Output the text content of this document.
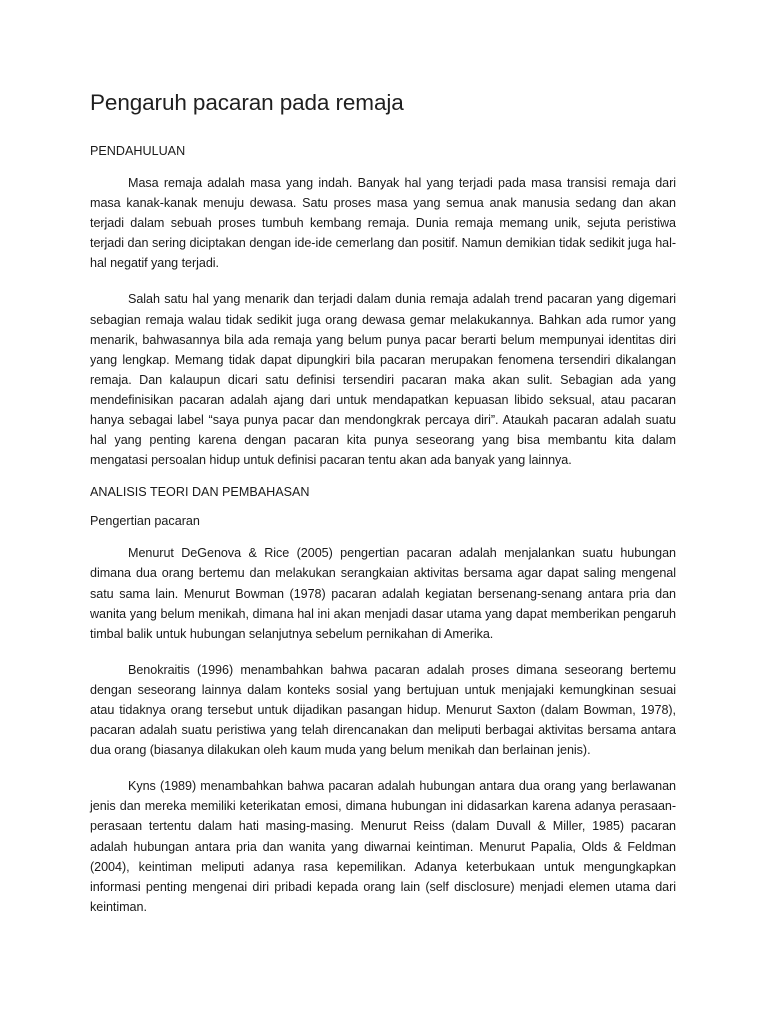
Pengaruh pacaran pada remaja
PENDAHULUAN

Masa remaja adalah masa yang indah. Banyak hal yang terjadi pada masa transisi remaja dari masa kanak-kanak menuju dewasa. Satu proses masa yang semua anak manusia sedang dan akan terjadi dalam sebuah proses tumbuh kembang remaja. Dunia remaja memang unik, sejuta peristiwa terjadi dan sering diciptakan dengan ide-ide cemerlang dan positif. Namun demikian tidak sedikit juga hal-hal negatif yang terjadi.

Salah satu hal yang menarik dan terjadi dalam dunia remaja adalah trend pacaran yang digemari sebagian remaja walau tidak sedikit juga orang dewasa gemar melakukannya. Bahkan ada rumor yang menarik, bahwasannya bila ada remaja yang belum punya pacar berarti belum mempunyai identitas diri yang lengkap. Memang tidak dapat dipungkiri bila pacaran merupakan fenomena tersendiri dikalangan remaja. Dan kalaupun dicari satu definisi tersendiri pacaran maka akan sulit. Sebagian ada yang mendefinisikan pacaran adalah ajang dari untuk mendapatkan kepuasan libido seksual, atau pacaran hanya sebagai label “saya punya pacar dan mendongkrak percaya diri”. Ataukah pacaran adalah suatu hal yang penting karena dengan pacaran kita punya seseorang yang bisa membantu kita dalam mengatasi persoalan hidup untuk definisi pacaran tentu akan ada banyak yang lainnya.

ANALISIS TEORI DAN PEMBAHASAN
Pengertian pacaran

Menurut DeGenova & Rice (2005) pengertian pacaran adalah menjalankan suatu hubungan dimana dua orang bertemu dan melakukan serangkaian aktivitas bersama agar dapat saling mengenal satu sama lain. Menurut Bowman (1978) pacaran adalah kegiatan bersenang-senang antara pria dan wanita yang belum menikah, dimana hal ini akan menjadi dasar utama yang dapat memberikan pengaruh timbal balik untuk hubungan selanjutnya sebelum pernikahan di Amerika.

Benokraitis (1996) menambahkan bahwa pacaran adalah proses dimana seseorang bertemu dengan seseorang lainnya dalam konteks sosial yang bertujuan untuk menjajaki kemungkinan sesuai atau tidaknya orang tersebut untuk dijadikan pasangan hidup. Menurut Saxton (dalam Bowman, 1978), pacaran adalah suatu peristiwa yang telah direncanakan dan meliputi berbagai aktivitas bersama antara dua orang (biasanya dilakukan oleh kaum muda yang belum menikah dan berlainan jenis).

Kyns (1989) menambahkan bahwa pacaran adalah hubungan antara dua orang yang berlawanan jenis dan mereka memiliki keterikatan emosi, dimana hubungan ini didasarkan karena adanya perasaan-perasaan tertentu dalam hati masing-masing. Menurut Reiss (dalam Duvall & Miller, 1985) pacaran adalah hubungan antara pria dan wanita yang diwarnai keintiman. Menurut Papalia, Olds & Feldman (2004), keintiman meliputi adanya rasa kepemilikan. Adanya keterbukaan untuk mengungkapkan informasi penting mengenai diri pribadi kepada orang lain (self disclosure) menjadi elemen utama dari keintiman.
